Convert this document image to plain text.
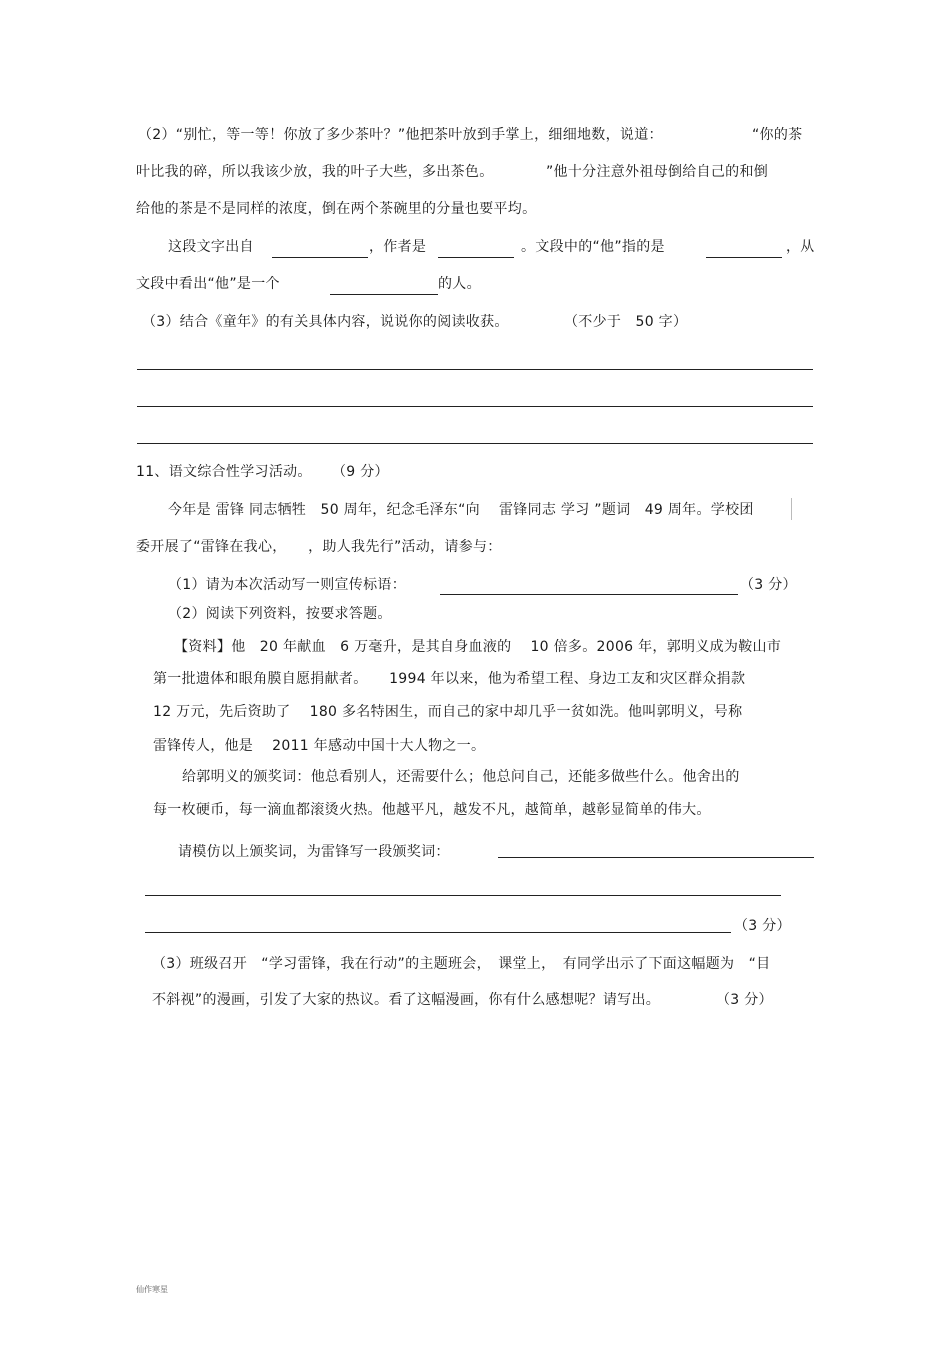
（2）“别忙，等一等！你放了多少茶叶？”他把茶叶放到手掌上，细细地数，说道：	“你的茶
叶比我的碎，所以我该少放，我的叶子大些，多出茶色。	”他十分注意外祖母倒给自己的和倒
给他的茶是不是同样的浓度，倒在两个茶碗里的分量也要平均。
这段文字出自	，作者是	。文段中的“他”指的是	，从
文段中看出“他”是一个	的人。
（3）结合《童年》的有关具体内容，说说你的阅读收获。	（不少于　50 字）
11、语文综合性学习活动。 （9 分）
今年是 雷锋 同志牺牲　50 周年，纪念毛泽东“向　 雷锋同志 学习 ”题词　49 周年。学校团
委开展了“雷锋在我心，　　，助人我先行”活动，请参与：
（1）请为本次活动写一则宣传标语：	（3 分）
（2）阅读下列资料，按要求答题。
【资料】他　20 年献血　6 万毫升，是其自身血液的　 10 倍多。2006 年，郭明义成为鞍山市
第一批遗体和眼角膜自愿捐献者。　　1994 年以来，他为希望工程、身边工友和灾区群众捐款
12 万元，先后资助了　 180 多名特困生，而自己的家中却几乎一贫如洗。他叫郭明义，号称
雷锋传人，他是　 2011 年感动中国十大人物之一。
给郭明义的颁奖词：他总看别人，还需要什么；他总问自己，还能多做些什么。他舍出的
每一枚硬币，每一滴血都滚烫火热。他越平凡，越发不凡，越简单，越彰显简单的伟大。
请模仿以上颁奖词，为雷锋写一段颁奖词：
（3 分）
（3）班级召开　“学习雷锋，我在行动”的主题班会，　课堂上，　有同学出示了下面这幅题为　“目
不斜视”的漫画，引发了大家的热议。看了这幅漫画，你有什么感想呢？请写出。	（3 分）
仙作寒星
